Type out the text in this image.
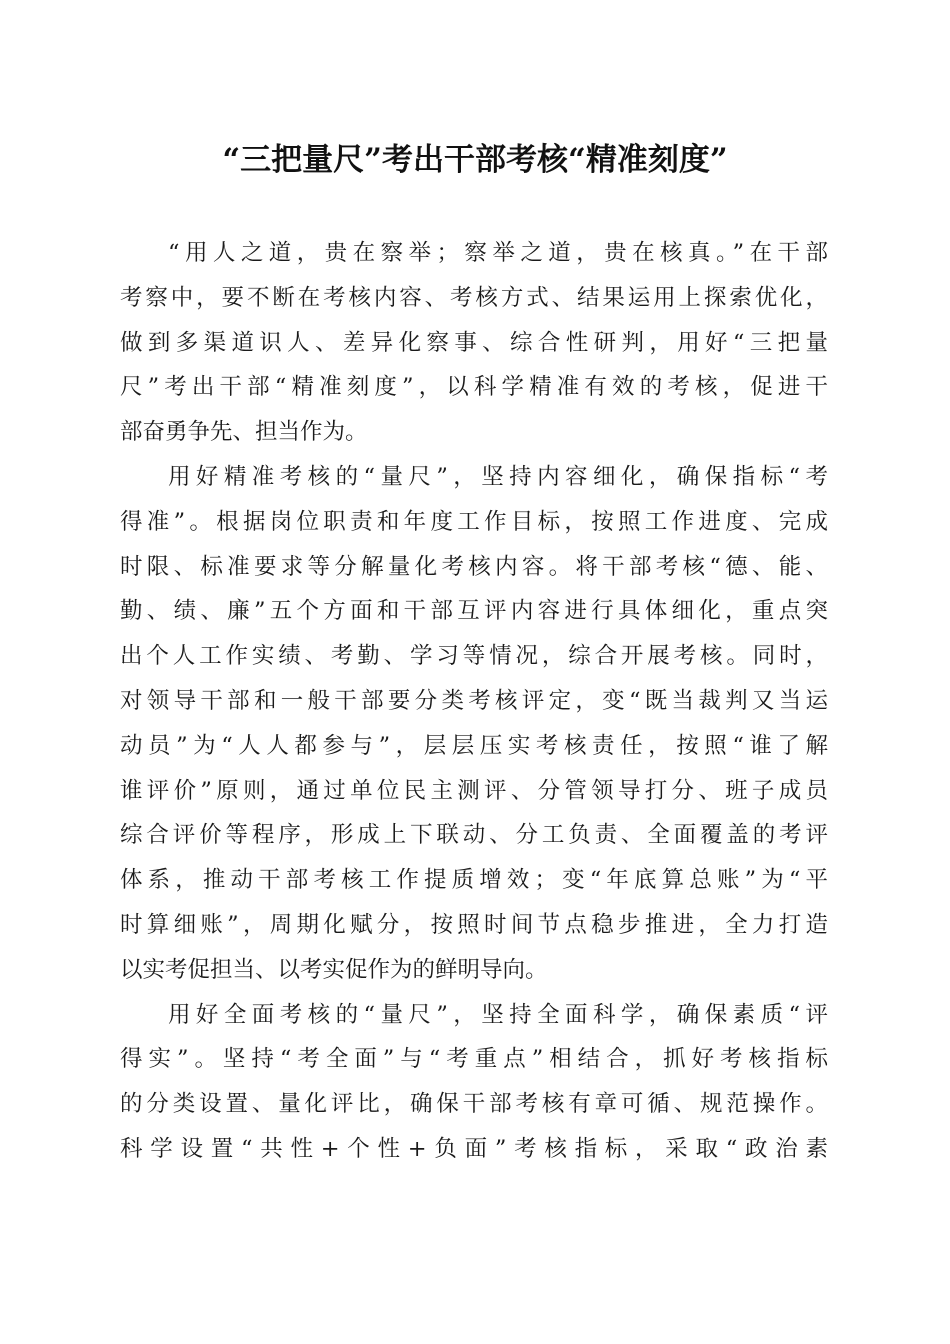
“三把量尺”考出干部考核“精准刻度”
“用人之道，贵在察举；察举之道，贵在核真。”在干部
考察中，要不断在考核内容、考核方式、结果运用上探索优化，
做到多渠道识人、差异化察事、综合性研判，用好“三把量
尺”考出干部“精准刻度”，以科学精准有效的考核，促进干
部奋勇争先、担当作为。
用好精准考核的“量尺”，坚持内容细化，确保指标“考
得准”。根据岗位职责和年度工作目标，按照工作进度、完成
时限、标准要求等分解量化考核内容。将干部考核“德、能、
勤、绩、廉”五个方面和干部互评内容进行具体细化，重点突
出个人工作实绩、考勤、学习等情况，综合开展考核。同时，
对领导干部和一般干部要分类考核评定，变“既当裁判又当运
动员”为“人人都参与”，层层压实考核责任，按照“谁了解
谁评价”原则，通过单位民主测评、分管领导打分、班子成员
综合评价等程序，形成上下联动、分工负责、全面覆盖的考评
体系，推动干部考核工作提质增效；变“年底算总账”为“平
时算细账”，周期化赋分，按照时间节点稳步推进，全力打造
以实考促担当、以考实促作为的鲜明导向。
用好全面考核的“量尺”，坚持全面科学，确保素质“评
得实”。坚持“考全面”与“考重点”相结合，抓好考核指标
的分类设置、量化评比，确保干部考核有章可循、规范操作。
科学设置“共性+个性+负面”考核指标，采取“政治素
